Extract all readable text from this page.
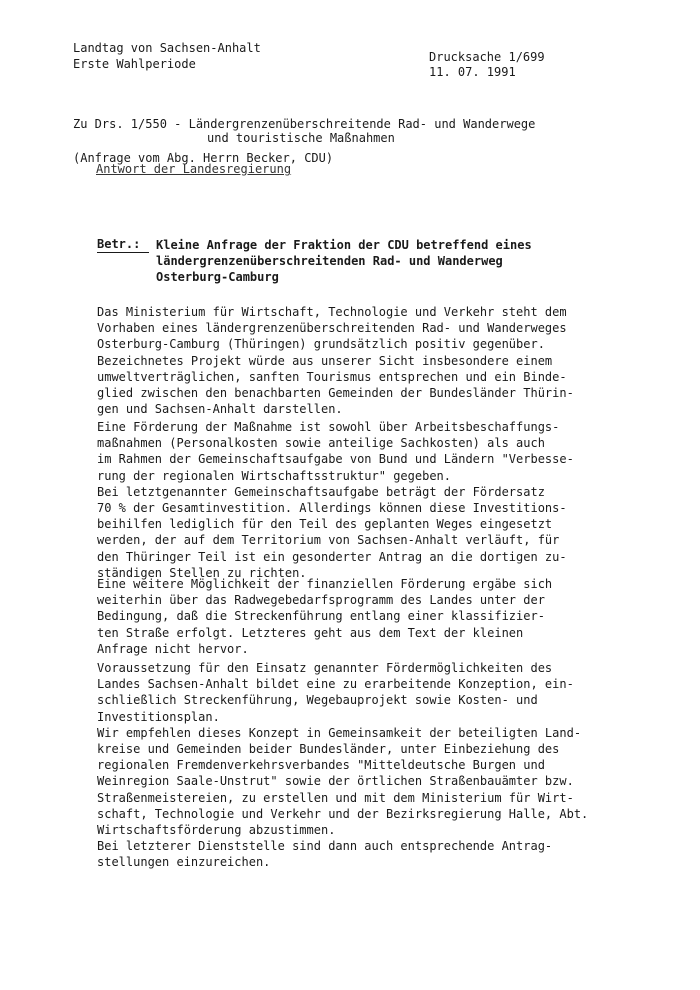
Landtag von Sachsen-Anhalt
Erste Wahlperiode	Drucksache 1/699
11. 07. 1991
Zu Drs. 1/550 - Ländergrenzenüberschreitende Rad- und Wanderwege
und touristische Maßnahmen
(Anfrage vom Abg. Herrn Becker, CDU)
Antwort der Landesregierung
Betr.:	Kleine Anfrage der Fraktion der CDU betreffend eines
ländergrenzenüberschreitenden Rad- und Wanderweg
Osterburg-Camburg
Das Ministerium für Wirtschaft, Technologie und Verkehr steht dem
Vorhaben eines ländergrenzenüberschreitenden Rad- und Wanderweges
Osterburg-Camburg (Thüringen) grundsätzlich positiv gegenüber.
Bezeichnetes Projekt würde aus unserer Sicht insbesondere einem
umweltverträglichen, sanften Tourismus entsprechen und ein Binde-
glied zwischen den benachbarten Gemeinden der Bundesländer Thürin-
gen und Sachsen-Anhalt darstellen.
Eine Förderung der Maßnahme ist sowohl über Arbeitsbeschaffungs-
maßnahmen (Personalkosten sowie anteilige Sachkosten) als auch
im Rahmen der Gemeinschaftsaufgabe von Bund und Ländern "Verbesse-
rung der regionalen Wirtschaftsstruktur" gegeben.
Bei letztgenannter Gemeinschaftsaufgabe beträgt der Fördersatz
70 % der Gesamtinvestition. Allerdings können diese Investitions-
beihilfen lediglich für den Teil des geplanten Weges eingesetzt
werden, der auf dem Territorium von Sachsen-Anhalt verläuft, für
den Thüringer Teil ist ein gesonderter Antrag an die dortigen zu-
ständigen Stellen zu richten.
Eine weitere Möglichkeit der finanziellen Förderung ergäbe sich
weiterhin über das Radwegebedarfsprogramm des Landes unter der
Bedingung, daß die Streckenführung entlang einer klassifizier-
ten Straße erfolgt. Letzteres geht aus dem Text der kleinen
Anfrage nicht hervor.
Voraussetzung für den Einsatz genannter Fördermöglichkeiten des
Landes Sachsen-Anhalt bildet eine zu erarbeitende Konzeption, ein-
schließlich Streckenführung, Wegebauprojekt sowie Kosten- und
Investitionsplan.
Wir empfehlen dieses Konzept in Gemeinsamkeit der beteiligten Land-
kreise und Gemeinden beider Bundesländer, unter Einbeziehung des
regionalen Fremdenverkehrsverbandes "Mitteldeutsche Burgen und
Weinregion Saale-Unstrut" sowie der örtlichen Straßenbauämter bzw.
Straßenmeistereien, zu erstellen und mit dem Ministerium für Wirt-
schaft, Technologie und Verkehr und der Bezirksregierung Halle, Abt.
Wirtschaftsförderung abzustimmen.
Bei letzterer Dienststelle sind dann auch entsprechende Antrag-
stellungen einzureichen.
